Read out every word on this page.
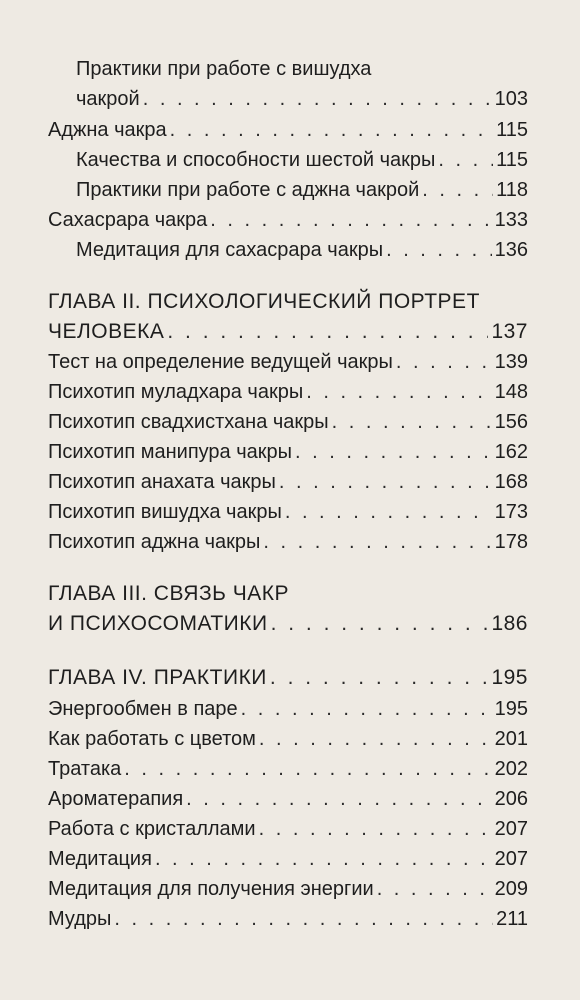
Практики при работе с вишудха
чакрой . . .	103
Аджна чакра . . .	115
Качества и способности шестой чакры . . .	115
Практики при работе с аджна чакрой . . .	118
Сахасрара чакра . . .	133
Медитация для сахасрара чакры . . .	136
ГЛАВА II. ПСИХОЛОГИЧЕСКИЙ ПОРТРЕТ
ЧЕЛОВЕКА . . .	137
Тест на определение ведущей чакры . . .	139
Психотип муладхара чакры . . .	148
Психотип свадхистхана чакры . . .	156
Психотип манипура чакры . . .	162
Психотип анахата чакры . . .	168
Психотип вишудха чакры . . .	173
Психотип аджна чакры . . .	178
ГЛАВА III. СВЯЗЬ ЧАКР
И ПСИХОСОМАТИКИ . . .	186
ГЛАВА IV. ПРАКТИКИ . . .	195
Энергообмен в паре . . .	195
Как работать с цветом . . .	201
Тратака . . .	202
Ароматерапия . . .	206
Работа с кристаллами . . .	207
Медитация . . .	207
Медитация для получения энергии . . .	209
Мудры . . .	211
